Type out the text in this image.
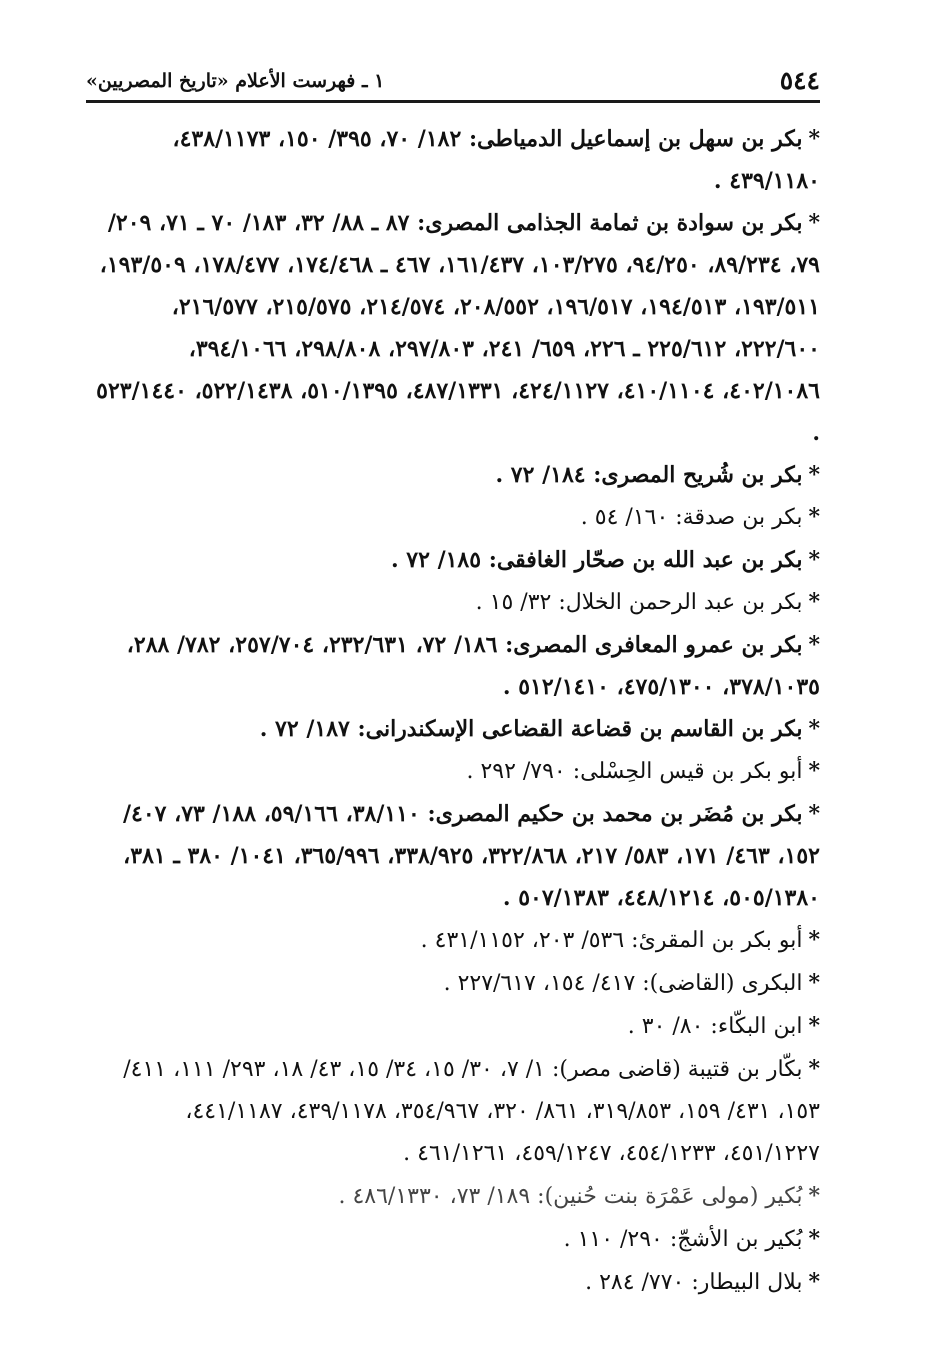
٥٤٤
١ ـ فهرست الأعلام «تاريخ المصريين»

*بكر بن سهل بن إسماعيل الدمياطى: ١٨٢/ ٧٠، ٣٩٥/ ١٥٠، ٤٣٨/١١٧٣، ٤٣٩/١١٨٠ .

*بكر بن سوادة بن ثمامة الجذامى المصرى: ٨٧ ـ ٨٨/ ٣٢، ١٨٣/ ٧٠ ـ ٧١، ٢٠٩/ ٧٩، ٨٩/٢٣٤، ٩٤/٢٥٠، ١٠٣/٢٧٥، ١٦١/٤٣٧، ٤٦٧ ـ ١٧٤/٤٦٨، ١٧٨/٤٧٧، ١٩٣/٥٠٩، ١٩٣/٥١١، ١٩٤/٥١٣، ١٩٦/٥١٧، ٢٠٨/٥٥٢، ٢١٤/٥٧٤، ٢١٥/٥٧٥، ٢١٦/٥٧٧، ٢٢٢/٦٠٠، ٢٢٥/٦١٢ ـ ٢٢٦، ٦٥٩/ ٢٤١، ٢٩٧/٨٠٣، ٢٩٨/٨٠٨، ٣٩٤/١٠٦٦، ٤٠٢/١٠٨٦، ٤١٠/١١٠٤، ٤٢٤/١١٢٧، ٤٨٧/١٣٣١، ٥١٠/١٣٩٥، ٥٢٢/١٤٣٨، ٥٢٣/١٤٤٠ .

*بكر بن شُريح المصرى: ١٨٤/ ٧٢ .

*بكر بن صدقة: ١٦٠/ ٥٤ .

*بكر بن عبد الله بن صحّار الغافقى: ١٨٥/ ٧٢ .

*بكر بن عبد الرحمن الخلال: ٣٢/ ١٥ .

*بكر بن عمرو المعافرى المصرى: ١٨٦/ ٧٢، ٢٣٢/٦٣١، ٢٥٧/٧٠٤، ٧٨٢/ ٢٨٨، ٣٧٨/١٠٣٥، ٤٧٥/١٣٠٠، ٥١٢/١٤١٠ .

*بكر بن القاسم بن قضاعة القضاعى الإسكندرانى: ١٨٧/ ٧٢ .

*أبو بكر بن قيس الحِسْلى: ٧٩٠/ ٢٩٢ .

*بكر بن مُضَر بن محمد بن حكيم المصرى: ٣٨/١١٠، ٥٩/١٦٦، ١٨٨/ ٧٣، ٤٠٧/ ١٥٢، ٤٦٣/ ١٧١، ٥٨٣/ ٢١٧، ٣٢٢/٨٦٨، ٣٣٨/٩٢٥، ٣٦٥/٩٩٦، ١٠٤١/ ٣٨٠ ـ ٣٨١، ٥٠٥/١٣٨٠، ٤٤٨/١٢١٤، ٥٠٧/١٣٨٣ .

*أبو بكر بن المقرئ: ٥٣٦/ ٢٠٣، ٤٣١/١١٥٢ .

*البكرى (القاضى): ٤١٧/ ١٥٤، ٢٢٧/٦١٧ .

*ابن البكّاء: ٨٠/ ٣٠ .

*بكّار بن قتيبة (قاضى مصر): ١/ ٧، ٣٠/ ١٥، ٣٤/ ١٥، ٤٣/ ١٨، ٢٩٣/ ١١١، ٤١١/ ١٥٣، ٤٣١/ ١٥٩، ٣١٩/٨٥٣، ٨٦١/ ٣٢٠، ٣٥٤/٩٦٧، ٤٣٩/١١٧٨، ٤٤١/١١٨٧، ٤٥١/١٢٢٧، ٤٥٤/١٢٣٣، ٤٥٩/١٢٤٧، ٤٦١/١٢٦١ .

*بُكير (مولى عَمْرَة بنت حُنين): ١٨٩/ ٧٣، ٤٨٦/١٣٣٠ .

*بُكير بن الأشجّ: ٢٩٠/ ١١٠ .

*بلال البيطار: ٧٧٠/ ٢٨٤ .
